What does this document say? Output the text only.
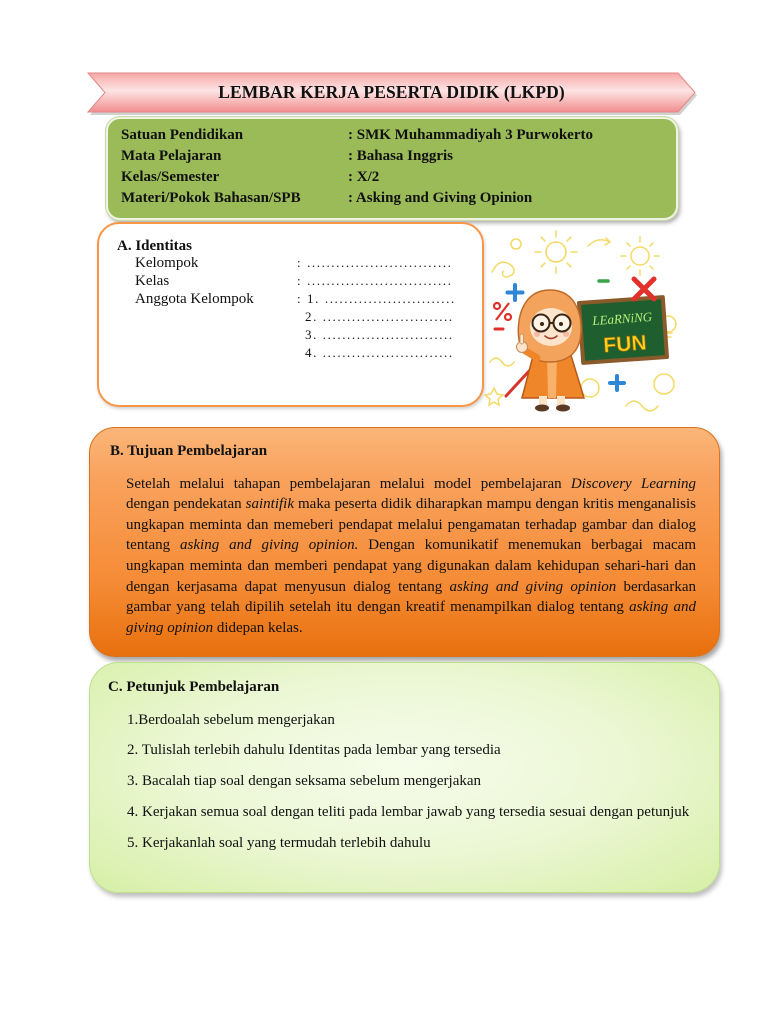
LEMBAR KERJA PESERTA DIDIK (LKPD)
Satuan Pendidikan	: SMK Muhammadiyah 3 Purwokerto
Mata Pelajaran	: Bahasa Inggris
Kelas/Semester	: X/2
Materi/Pokok Bahasan/SPB	: Asking and Giving Opinion
A. Identitas
Kelompok	: ..............................
Kelas	: ..............................
Anggota Kelompok	: 1. ...........................
2. ...........................
3. ...........................
4. ...........................
LEaRNiNG
FUN
B. Tujuan Pembelajaran

Setelah melalui tahapan pembelajaran melalui model pembelajaran Discovery Learning dengan pendekatan saintifik maka peserta didik diharapkan mampu dengan kritis menganalisis ungkapan meminta dan memeberi pendapat melalui pengamatan terhadap gambar dan dialog tentang asking and giving opinion. Dengan komunikatif menemukan berbagai macam ungkapan meminta dan memberi pendapat yang digunakan dalam kehidupan sehari-hari dan dengan kerjasama dapat menyusun dialog tentang asking and giving opinion berdasarkan gambar yang telah dipilih setelah itu dengan kreatif menampilkan dialog tentang asking and giving opinion didepan kelas.

C. Petunjuk Pembelajaran
1.Berdoalah sebelum mengerjakan
2. Tulislah terlebih dahulu Identitas pada lembar yang tersedia
3. Bacalah tiap soal dengan seksama sebelum mengerjakan
4. Kerjakan semua soal dengan teliti pada lembar jawab yang tersedia sesuai dengan petunjuk
5. Kerjakanlah soal yang termudah terlebih dahulu
